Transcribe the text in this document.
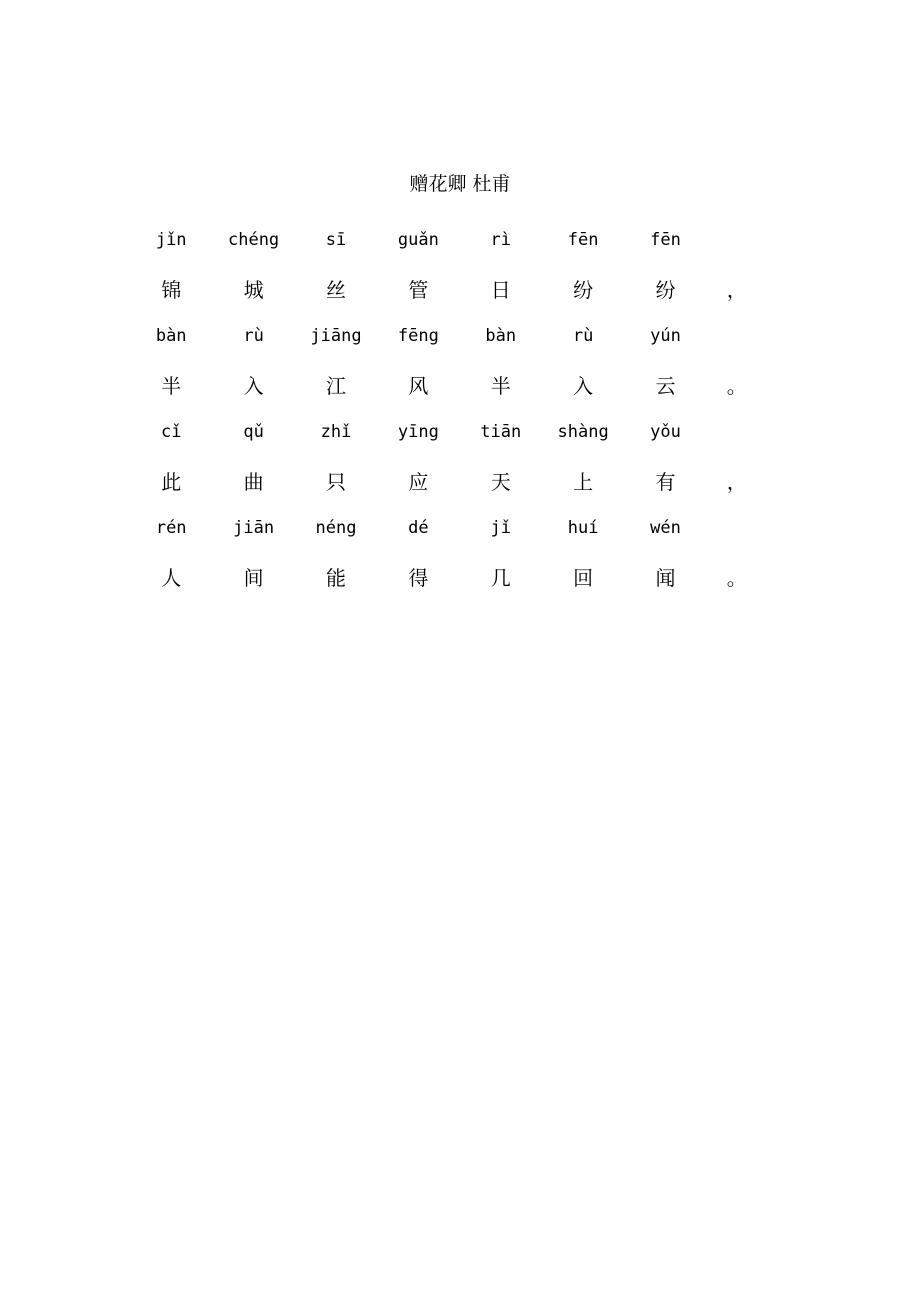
赠花卿 杜甫
jǐn	chéng	sī	guǎn	rì	fēn	fēn
锦	城	丝	管	日	纷	纷	，
bàn	rù	jiāng	fēng	bàn	rù	yún
半	入	江	风	半	入	云	。
cǐ	qǔ	zhǐ	yīng	tiān	shàng	yǒu
此	曲	只	应	天	上	有	，
rén	jiān	néng	dé	jǐ	huí	wén
人	间	能	得	几	回	闻	。
